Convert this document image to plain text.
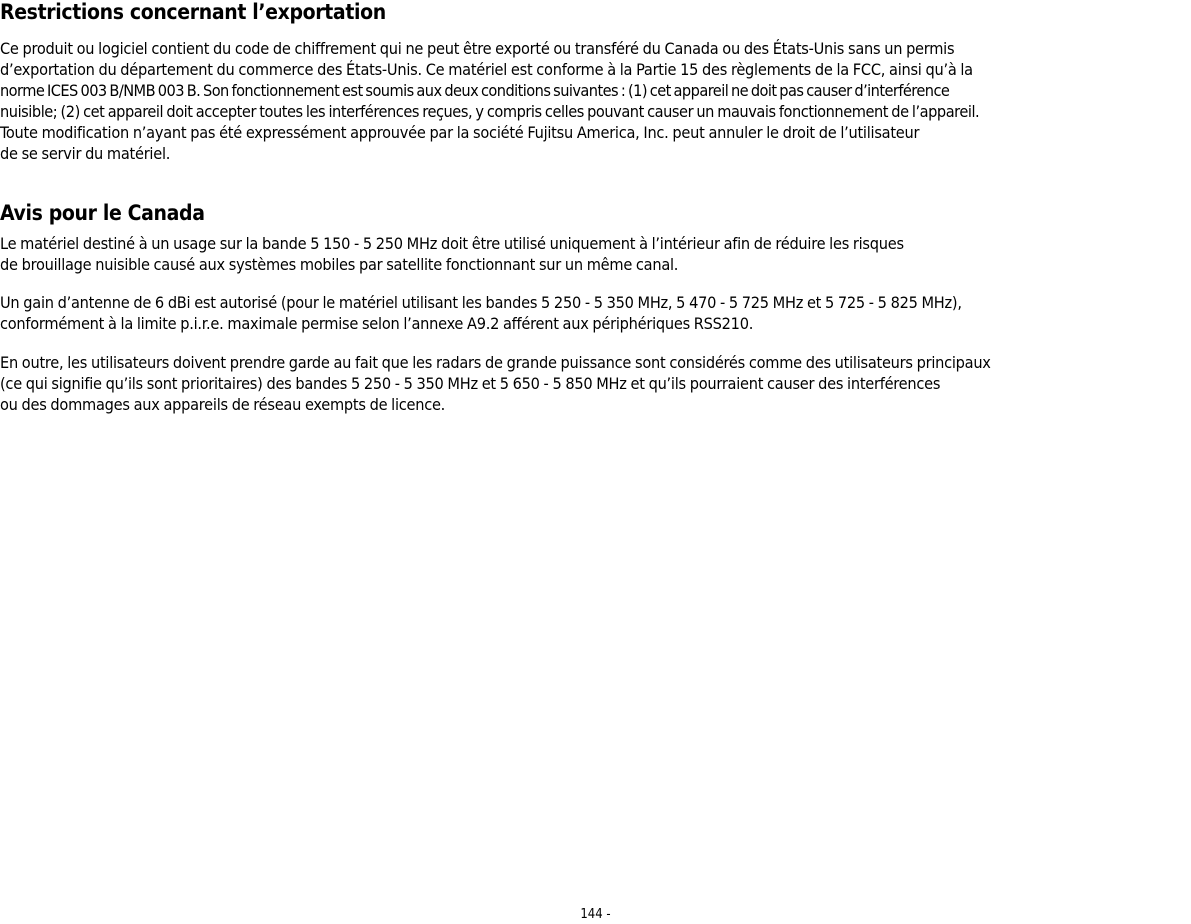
Restrictions concernant l’exportation
Ce produit ou logiciel contient du code de chiffrement qui ne peut être exporté ou transféré du Canada ou des États-Unis sans un permis
d’exportation du département du commerce des États-Unis. Ce matériel est conforme à la Partie 15 des règlements de la FCC, ainsi qu’à la
norme ICES 003 B/NMB 003 B. Son fonctionnement est soumis aux deux conditions suivantes : (1) cet appareil ne doit pas causer d’interférence
nuisible; (2) cet appareil doit accepter toutes les interférences reçues, y compris celles pouvant causer un mauvais fonctionnement de l’appareil.
Toute modification n’ayant pas été expressément approuvée par la société Fujitsu America, Inc. peut annuler le droit de l’utilisateur
de se servir du matériel.
Avis pour le Canada
Le matériel destiné à un usage sur la bande 5 150 - 5 250 MHz doit être utilisé uniquement à l’intérieur afin de réduire les risques
de brouillage nuisible causé aux systèmes mobiles par satellite fonctionnant sur un même canal.
Un gain d’antenne de 6 dBi est autorisé (pour le matériel utilisant les bandes 5 250 - 5 350 MHz, 5 470 - 5 725 MHz et 5 725 - 5 825 MHz),
conformément à la limite p.i.r.e. maximale permise selon l’annexe A9.2 afférent aux périphériques RSS210.
En outre, les utilisateurs doivent prendre garde au fait que les radars de grande puissance sont considérés comme des utilisateurs principaux
(ce qui signifie qu’ils sont prioritaires) des bandes 5 250 - 5 350 MHz et 5 650 - 5 850 MHz et qu’ils pourraient causer des interférences
ou des dommages aux appareils de réseau exempts de licence.
144 -
